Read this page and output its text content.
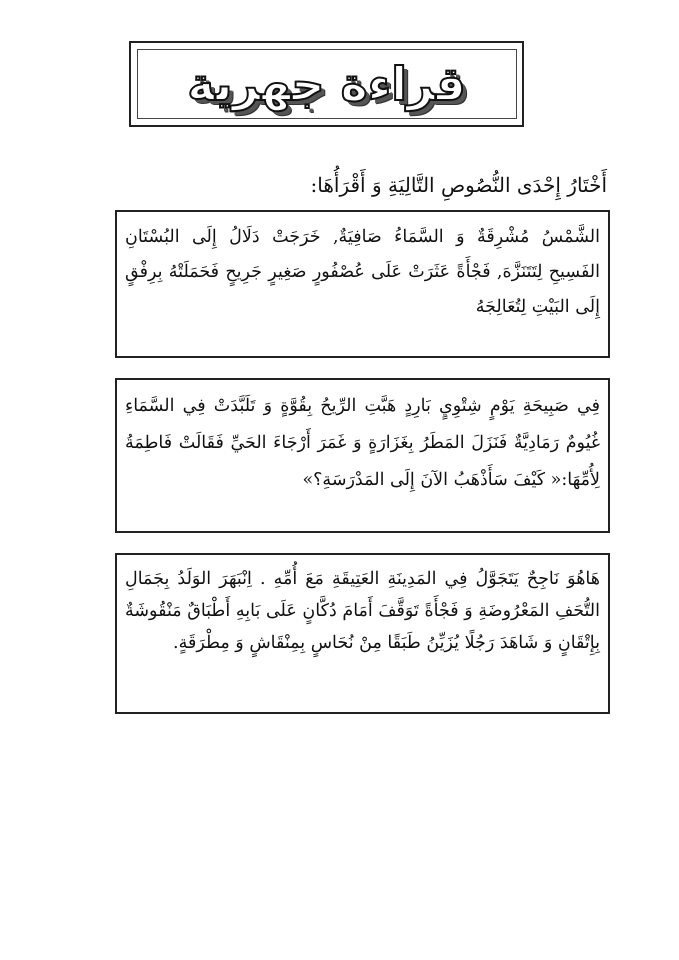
قراءة جهرية
أَخْتَارُ إِحْدَى النُّصُوصِ التَّالِيَةِ وَ أَقْرَأُهَا:
الشَّمْسُ مُشْرِقَةٌ وَ السَّمَاءُ صَافِيَةٌ, خَرَجَتْ دَلَالُ إِلَى البُسْتَانِ الفَسِيحِ لِتَتَنَزَّهَ, فَجْأَةً عَثَرَتْ عَلَى عُصْفُورٍ صَغِيرٍ جَرِيحٍ فَحَمَلَتْهُ بِرِفْقٍ إِلَى البَيْتِ لِتُعَالِجَهُ
فِي صَبِيحَةِ يَوْمٍ شِتْوِيٍ بَارِدٍ هَبَّتِ الرِّيحُ بِقُوَّةٍ وَ تَلَبَّدَتْ فِي السَّمَاءِ غُيُومٌ رَمَادِيَّةٌ فَنَزَلَ المَطَرُ بِغَزَارَةٍ وَ غَمَرَ أَرْجَاءَ الحَيِّ فَقَالَتْ فَاطِمَةُ لِأُمِّهَا:« كَيْفَ سَأَذْهَبُ الآنَ إِلَى المَدْرَسَةِ؟»
هَاهُوَ نَاجِحٌ يَتَجَوَّلُ فِي المَدِينَةِ العَتِيقَةِ مَعَ أُمِّهِ . اِنْبَهَرَ الوَلَدُ بِجَمَالِ التُّحَفِ المَعْرُوضَةِ وَ فَجْأَةً تَوَقَّفَ أَمَامَ دُكَّانٍ عَلَى بَابِهِ أَطْبَاقٌ مَنْقُوشَةٌ بِإِتْقَانٍ وَ شَاهَدَ رَجُلًا يُزَيِّنُ طَبَقًا مِنْ نُحَاسٍ بِمِنْقَاشٍ وَ مِطْرَقَةٍ.
